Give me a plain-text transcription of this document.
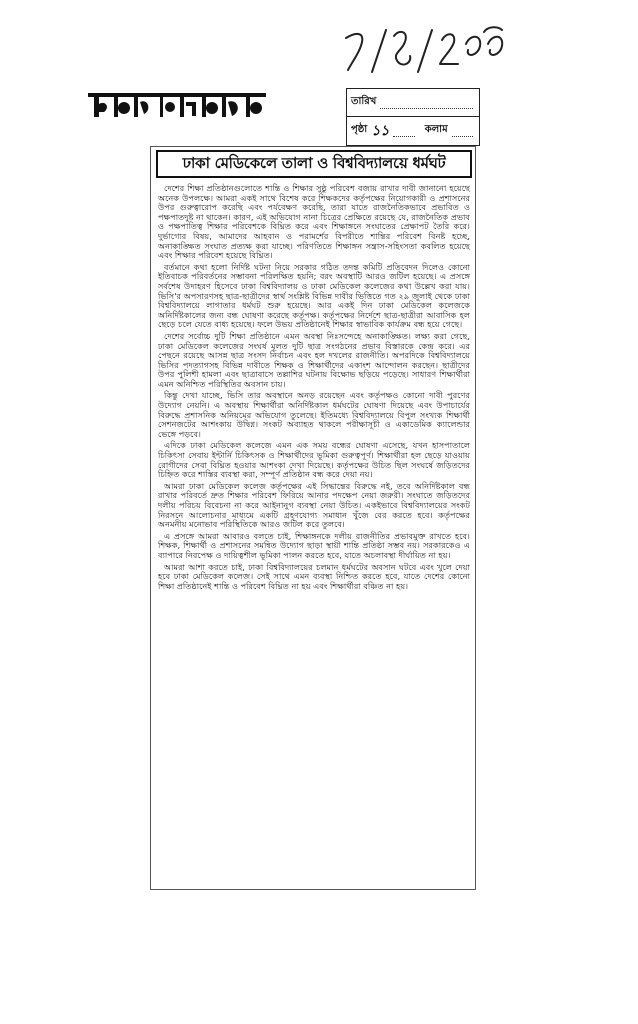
তারিখ
পৃষ্ঠা ১১	কলাম
ঢাকা মেডিকেলে তালা ও বিশ্ববিদ্যালয়ে ধর্মঘট

দেশের শিক্ষা প্রতিষ্ঠানগুলোতে শান্তি ও শিক্ষার সুষ্ঠু পরিবেশ বজায় রাখার দাবী জানানো হয়েছে অনেক উপলক্ষে। আমরা একই সাথে বিশেষ করে শিক্ষকদের কর্তৃপক্ষের নিয়োগকারী ও প্রশাসনের উপর গুরুত্বারোপ করেছি এবং পর্যবেক্ষণ করেছি, তারা যাতে রাজনৈতিকভাবে প্রভাবিত ও পক্ষপাতদুষ্ট না থাকেন। কারণ, এই অভিযোগ নানা চিত্রের প্রেক্ষিতে রয়েছে যে, রাজনৈতিক প্রভাব ও পক্ষপাতিত্ব শিক্ষার পরিবেশকে বিঘ্নিত করে এবং শিক্ষাঙ্গনে সংঘাতের প্রেক্ষাপট তৈরি করে। দুর্ভাগ্যের বিষয়, আমাদের আহবান ও পরামর্শের বিপরীতে শান্তির পরিবেশ বিনষ্ট হচ্ছে, অনাকাঙ্ক্ষিত সংঘাত প্রত্যক্ষ করা যাচ্ছে। পরিণতিতে শিক্ষাঙ্গন সন্ত্রাস-সহিংসতা কবলিত হয়েছে এবং শিক্ষার পরিবেশ হয়েছে বিঘ্নিত।

বর্তমানে কথা হলো নির্দিষ্ট ঘটনা নিয়ে সরকার গঠিত তদন্ত কমিটি প্রতিবেদন দিলেও কোনো ইতিবাচক পরিবর্তনের সম্ভাবনা পরিলক্ষিত হয়নি; বরং অবস্থাটি আরও জটিল হয়েছে। এ প্রসঙ্গে সর্বশেষ উদাহরণ হিসেবে ঢাকা বিশ্ববিদ্যালয় ও ঢাকা মেডিকেল কলেজের কথা উল্লেখ করা যায়। ভিসি'র অপসারণসহ ছাত্র-ছাত্রীদের স্বার্থ সংশ্লিষ্ট বিভিন্ন দাবীর ভিত্তিতে গত ২৯ জুলাই থেকে ঢাকা বিশ্ববিদ্যালয়ে লাগাতার ধর্মঘট শুরু হয়েছে। আর একই দিন ঢাকা মেডিকেল কলেজকে অনির্দিষ্টকালের জন্য বন্ধ ঘোষণা করেছে কর্তৃপক্ষ। কর্তৃপক্ষের নির্দেশে ছাত্র-ছাত্রীরা আবাসিক হল ছেড়ে চলে যেতে বাধ্য হয়েছে। ফলে উভয় প্রতিষ্ঠানেই শিক্ষার স্বাভাবিক কার্যক্রম বন্ধ হয়ে গেছে।

দেশের সর্বোচ্চ দুটি শিক্ষা প্রতিষ্ঠানে এমন অবস্থা নিঃসন্দেহে অনাকাঙ্ক্ষিত। লক্ষ্য করা গেছে, ঢাকা মেডিকেল কলেজের সংঘর্ষ মূলত দুটি ছাত্র সংগঠনের প্রভাব বিস্তারকে কেন্দ্র করে। এর পেছনে রয়েছে আসন্ন ছাত্র সংসদ নির্বাচন এবং হল দখলের রাজনীতি। অপরদিকে বিশ্ববিদ্যালয়ে ভিসির পদত্যাগসহ বিভিন্ন দাবীতে শিক্ষক ও শিক্ষার্থীদের একাংশ আন্দোলন করছেন। ছাত্রীদের উপর পুলিশী হামলা এবং ছাত্রাবাসে তল্লাশির ঘটনায় বিক্ষোভ ছড়িয়ে পড়েছে। সাধারণ শিক্ষার্থীরা এমন অনিশ্চিত পরিস্থিতির অবসান চায়।

কিন্তু দেখা যাচ্ছে, ভিসি তার অবস্থানে অনড় রয়েছেন এবং কর্তৃপক্ষও কোনো দাবী পুরণের উদ্যোগ নেয়নি। এ অবস্থায় শিক্ষার্থীরা অনির্দিষ্টকাল ধর্মঘটের ঘোষণা দিয়েছে এবং উপাচার্যের বিরুদ্ধে প্রশাসনিক অনিয়মের অভিযোগ তুলেছে। ইতিমধ্যে বিশ্ববিদ্যালয়ে বিপুল সংখ্যক শিক্ষার্থী সেশনজটের আশংকায় উদ্বিগ্ন। সংকট অব্যাহত থাকলে পরীক্ষাসূচী ও একাডেমিক ক্যালেন্ডার ভেঙ্গে পড়বে।

এদিকে ঢাকা মেডিকেল কলেজে এমন এক সময় বন্ধের ঘোষণা এসেছে, যখন হাসপাতালে চিকিৎসা সেবায় ইন্টার্নি চিকিৎসক ও শিক্ষার্থীদের ভূমিকা গুরুত্বপূর্ণ। শিক্ষার্থীরা হল ছেড়ে যাওয়ায় রোগীদের সেবা বিঘ্নিত হওয়ার আশংকা দেখা দিয়েছে। কর্তৃপক্ষের উচিত ছিল সংঘর্ষে জড়িতদের চিহ্নিত করে শাস্তির ব্যবস্থা করা, সম্পূর্ণ প্রতিষ্ঠান বন্ধ করে দেয়া নয়।

আমরা ঢাকা মেডিকেল কলেজ কর্তৃপক্ষের এই সিদ্ধান্তের বিরুদ্ধে নই, তবে অনির্দিষ্টকাল বন্ধ রাখার পরিবর্তে দ্রুত শিক্ষার পরিবেশ ফিরিয়ে আনার পদক্ষেপ নেয়া জরুরী। সংঘাতে জড়িতদের দলীয় পরিচয় বিবেচনা না করে আইনানুগ ব্যবস্থা নেয়া উচিত। একইভাবে বিশ্ববিদ্যালয়ের সংকট নিরসনে আলোচনার মাধ্যমে একটি গ্রহণযোগ্য সমাধান খুঁজে বের করতে হবে। কর্তৃপক্ষের অনমনীয় মনোভাব পরিস্থিতিকে আরও জটিল করে তুলবে।

এ প্রসঙ্গে আমরা আবারও বলতে চাই, শিক্ষাঙ্গনকে দলীয় রাজনীতির প্রভাবমুক্ত রাখতে হবে। শিক্ষক, শিক্ষার্থী ও প্রশাসনের সমন্বিত উদ্যোগ ছাড়া স্থায়ী শান্তি প্রতিষ্ঠা সম্ভব নয়। সরকারকেও এ ব্যাপারে নিরপেক্ষ ও দায়িত্বশীল ভূমিকা পালন করতে হবে, যাতে অচলাবস্থা দীর্ঘায়িত না হয়।

আমরা আশা করতে চাই, ঢাকা বিশ্ববিদ্যালয়ের চলমান ধর্মঘটের অবসান ঘটবে এবং খুলে দেয়া হবে ঢাকা মেডিকেল কলেজ। সেই সাথে এমন ব্যবস্থা নিশ্চিত করতে হবে, যাতে দেশের কোনো শিক্ষা প্রতিষ্ঠানেই শান্তি ও পরিবেশ বিঘ্নিত না হয় এবং শিক্ষার্থীরা বঞ্চিত না হয়।
